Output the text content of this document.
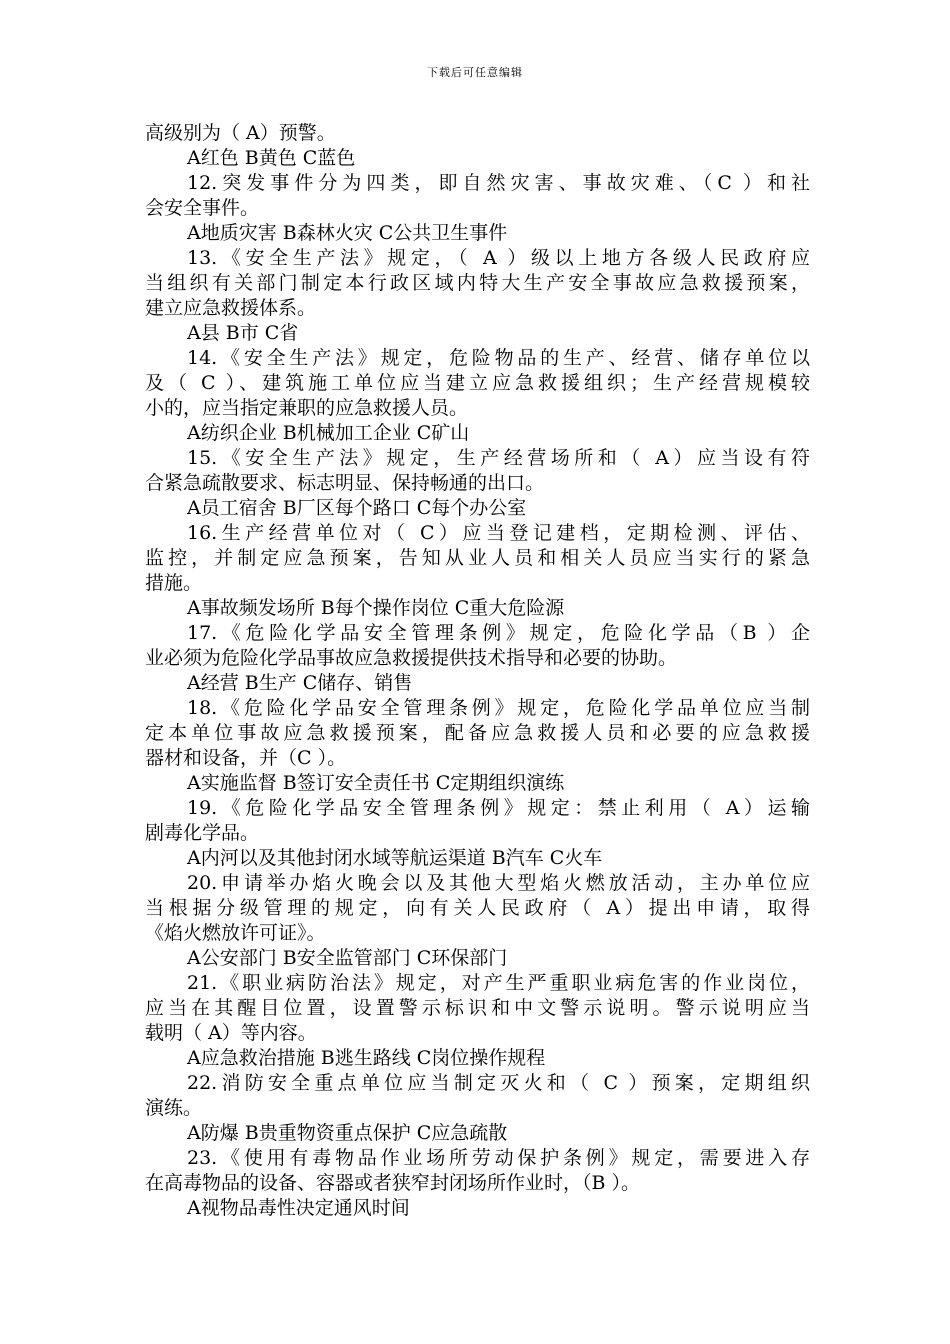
下载后可任意编辑
高级别为（ A）预警。
A红色 B黄色 C蓝色
12.突发事件分为四类，即自然灾害、事故灾难、（C ）和社
会安全事件。
A地质灾害 B森林火灾 C公共卫生事件
13.《安全生产法》规定，（ A ）级以上地方各级人民政府应
当组织有关部门制定本行政区域内特大生产安全事故应急救援预案，
建立应急救援体系。
A县 B市 C省
14.《安全生产法》规定，危险物品的生产、经营、储存单位以
及（ C ）、建筑施工单位应当建立应急救援组织；生产经营规模较
小的，应当指定兼职的应急救援人员。
A纺织企业 B机械加工企业 C矿山
15.《安全生产法》规定，生产经营场所和（ A）应当设有符
合紧急疏散要求、标志明显、保持畅通的出口。
A员工宿舍 B厂区每个路口 C每个办公室
16.生产经营单位对（ C）应当登记建档，定期检测、评估、
监控，并制定应急预案，告知从业人员和相关人员应当实行的紧急
措施。
A事故频发场所 B每个操作岗位 C重大危险源
17.《危险化学品安全管理条例》规定，危险化学品（B ）企
业必须为危险化学品事故应急救援提供技术指导和必要的协助。
A经营 B生产 C储存、销售
18.《危险化学品安全管理条例》规定，危险化学品单位应当制
定本单位事故应急救援预案，配备应急救援人员和必要的应急救援
器材和设备，并（C ）。
A实施监督 B签订安全责任书 C定期组织演练
19.《危险化学品安全管理条例》规定：禁止利用（ A）运输
剧毒化学品。
A内河以及其他封闭水域等航运渠道 B汽车 C火车
20.申请举办焰火晚会以及其他大型焰火燃放活动，主办单位应
当根据分级管理的规定，向有关人民政府（ A）提出申请，取得
《焰火燃放许可证》。
A公安部门 B安全监管部门 C环保部门
21.《职业病防治法》规定，对产生严重职业病危害的作业岗位，
应当在其醒目位置，设置警示标识和中文警示说明。警示说明应当
载明（ A）等内容。
A应急救治措施 B逃生路线 C岗位操作规程
22.消防安全重点单位应当制定灭火和（ C ）预案，定期组织
演练。
A防爆 B贵重物资重点保护 C应急疏散
23.《使用有毒物品作业场所劳动保护条例》规定，需要进入存
在高毒物品的设备、容器或者狭窄封闭场所作业时，（B ）。
A视物品毒性决定通风时间
